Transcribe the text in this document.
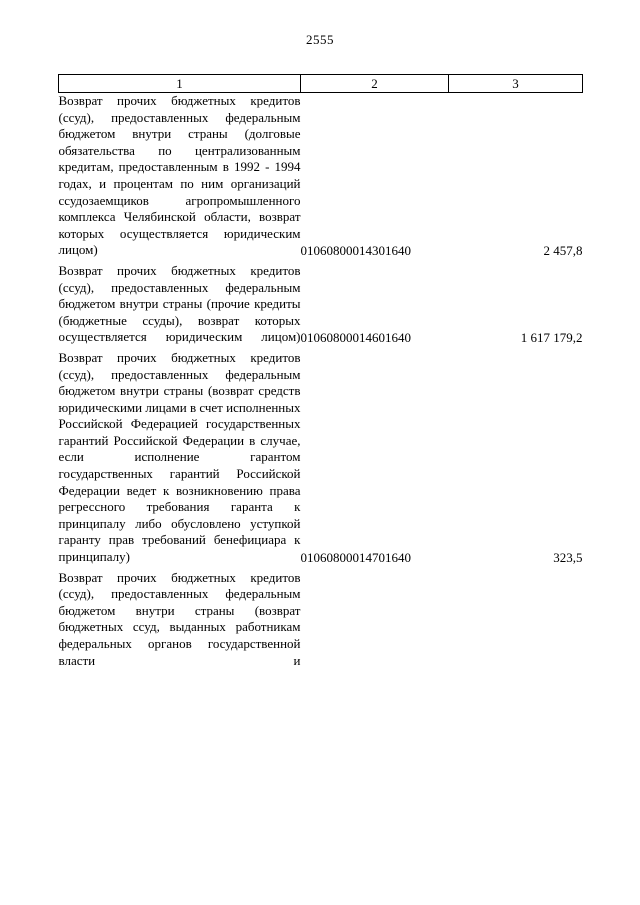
2555
1	2	3
Возврат прочих бюджетных кредитов (ссуд), предоставленных федеральным бюджетом внутри страны (долговые обязательства по централизованным кредитам, предоставленным в 1992 - 1994 годах, и процентам по ним организаций ссудозаемщиков агропромышленного комплекса Челябинской области, возврат которых осуществляется юридическим лицом)	01060800014301640	2 457,8

Возврат прочих бюджетных кредитов (ссуд), предоставленных федеральным бюджетом внутри страны (прочие кредиты (бюджетные ссуды), возврат которых осуществляется юридическим лицом)	01060800014601640	1 617 179,2

Возврат прочих бюджетных кредитов (ссуд), предоставленных федеральным бюджетом внутри страны (возврат средств юридическими лицами в счет исполненных Российской Федерацией государственных гарантий Российской Федерации в случае, если исполнение гарантом государственных гарантий Российской Федерации ведет к возникновению права регрессного требования гаранта к принципалу либо обусловлено уступкой гаранту прав требований бенефициара к принципалу)	01060800014701640	323,5

Возврат прочих бюджетных кредитов (ссуд), предоставленных федеральным бюджетом внутри страны (возврат бюджетных ссуд, выданных работникам федеральных органов государственной власти и		
